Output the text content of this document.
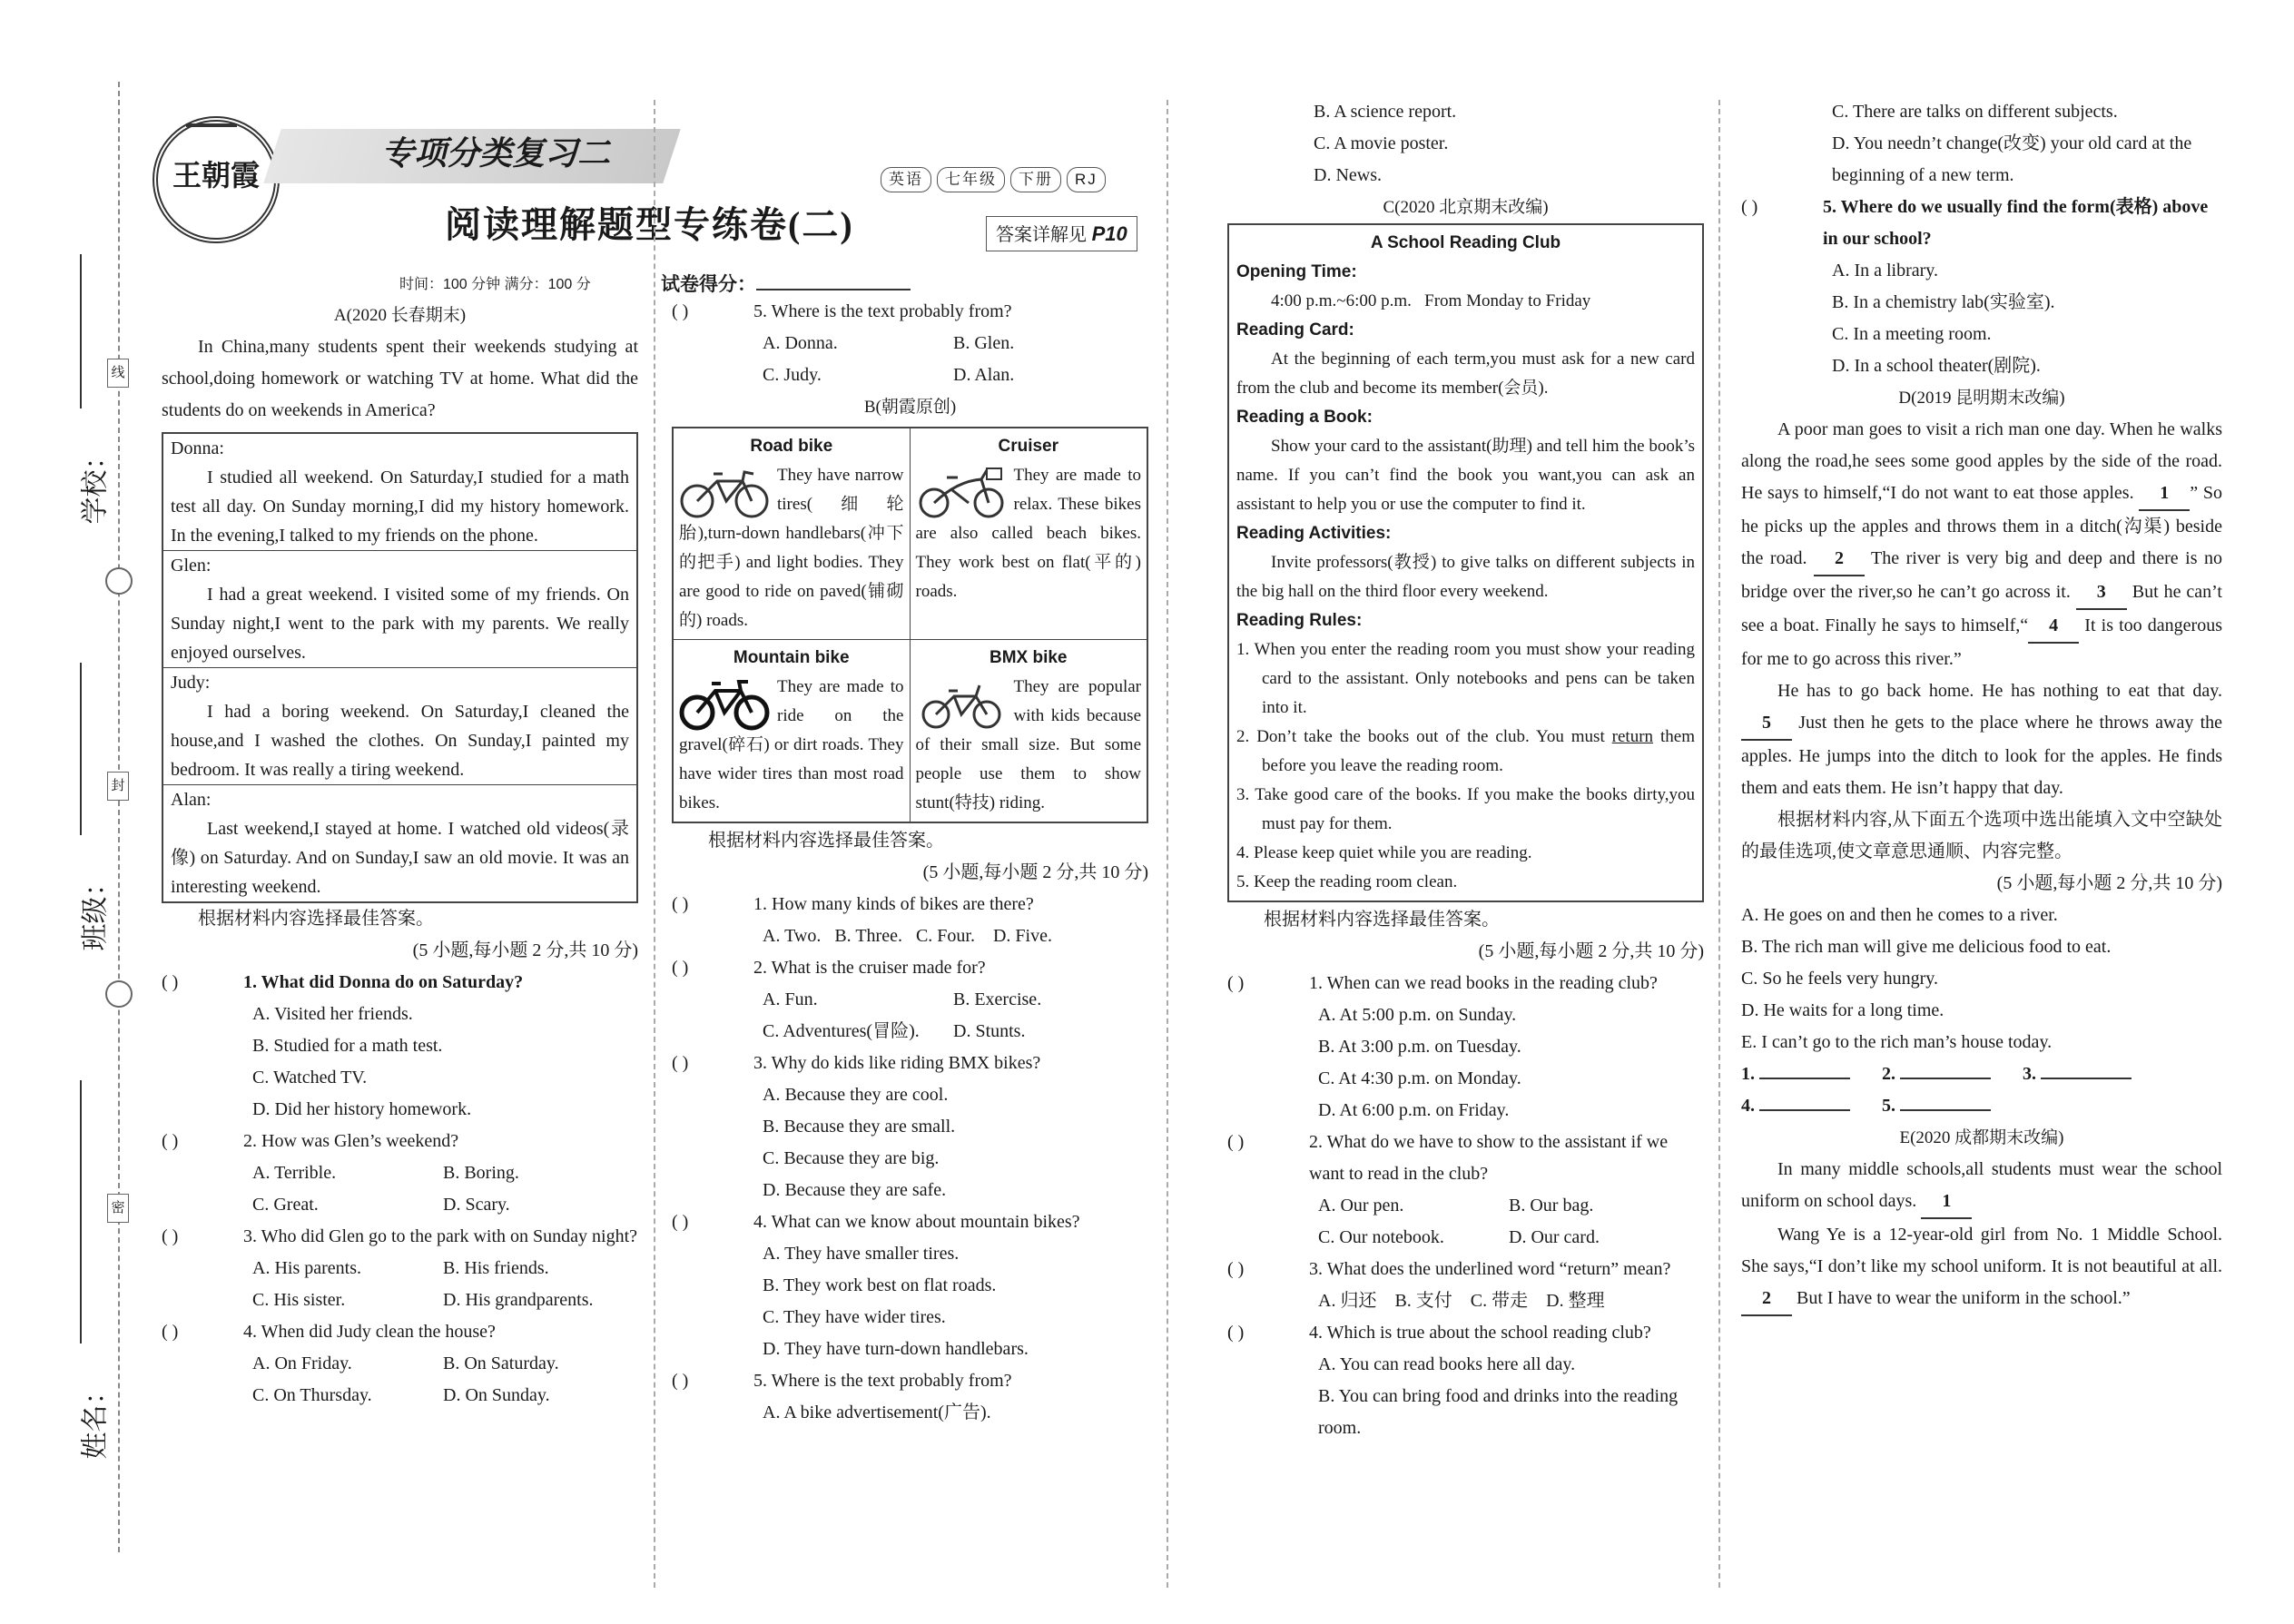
学校：
班级：
姓名：
线
封
密
王朝霞
专项分类复习二
阅读理解题型专练卷(二)
英语 七年级 下册 RJ
答案详解见 P10
时间：100 分钟 满分：100 分	试卷得分：
A(2020 长春期末)
In China,many students spent their weekends studying at school,doing homework or watching TV at home. What did the students do on weekends in America?
Donna:
I studied all weekend. On Saturday,I studied for a math test all day. On Sunday morning,I did my history homework. In the evening,I talked to my friends on the phone.
Glen:
I had a great weekend. I visited some of my friends. On Sunday night,I went to the park with my parents. We really enjoyed ourselves.
Judy:
I had a boring weekend. On Saturday,I cleaned the house,and I washed the clothes. On Sunday,I painted my bedroom. It was really a tiring weekend.
Alan:
Last weekend,I stayed at home. I watched old videos(录像) on Saturday. And on Sunday,I saw an old movie. It was an interesting weekend.
根据材料内容选择最佳答案。
(5 小题,每小题 2 分,共 10 分)
( )	1. What did Donna do on Saturday?
A. Visited her friends.
B. Studied for a math test.
C. Watched TV.
D. Did her history homework.
( )	2. How was Glen’s weekend?
A. Terrible.	B. Boring.
C. Great.	D. Scary.
( )	3. Who did Glen go to the park with on Sunday night?
A. His parents.	B. His friends.
C. His sister.	D. His grandparents.
( )	4. When did Judy clean the house?
A. On Friday.	B. On Saturday.
C. On Thursday.	D. On Sunday.
( )	5. Where is the text probably from?
A. Donna.	B. Glen.
C. Judy.	D. Alan.
B(朝霞原创)
Road bike
They have narrow tires(细轮胎),turn-down handlebars(冲下的把手) and light bodies. They are good to ride on paved(铺砌的) roads.
Cruiser
They are made to relax. These bikes are also called beach bikes. They work best on flat(平的) roads.
Mountain bike
They are made to ride on the gravel(碎石) or dirt roads. They have wider tires than most road bikes.
BMX bike
They are popular with kids because of their small size. But some people use them to show stunt(特技) riding.
根据材料内容选择最佳答案。
(5 小题,每小题 2 分,共 10 分)
( )	1. How many kinds of bikes are there?
A. Two.   B. Three.   C. Four.    D. Five.
( )	2. What is the cruiser made for?
A. Fun.	B. Exercise.
C. Adventures(冒险). D. Stunts.
( )	3. Why do kids like riding BMX bikes?
A. Because they are cool.
B. Because they are small.
C. Because they are big.
D. Because they are safe.
( )	4. What can we know about mountain bikes?
A. They have smaller tires.
B. They work best on flat roads.
C. They have wider tires.
D. They have turn-down handlebars.
( )	5. Where is the text probably from?
A. A bike advertisement(广告).
B. A science report.
C. A movie poster.
D. News.
C(2020 北京期末改编)
A School Reading Club
Opening Time:
4:00 p.m.~6:00 p.m.   From Monday to Friday
Reading Card:
At the beginning of each term,you must ask for a new card from the club and become its member(会员).
Reading a Book:
Show your card to the assistant(助理) and tell him the book’s name. If you can’t find the book you want,you can ask an assistant to help you or use the computer to find it.
Reading Activities:
Invite professors(教授) to give talks on different subjects in the big hall on the third floor every weekend.
Reading Rules:
1. When you enter the reading room you must show your reading card to the assistant. Only notebooks and pens can be taken into it.
2. Don’t take the books out of the club. You must return them before you leave the reading room.
3. Take good care of the books. If you make the books dirty,you must pay for them.
4. Please keep quiet while you are reading.
5. Keep the reading room clean.
根据材料内容选择最佳答案。
(5 小题,每小题 2 分,共 10 分)
( )	1. When can we read books in the reading club?
A. At 5:00 p.m. on Sunday.
B. At 3:00 p.m. on Tuesday.
C. At 4:30 p.m. on Monday.
D. At 6:00 p.m. on Friday.
( )	2. What do we have to show to the assistant if we want to read in the club?
A. Our pen.	B. Our bag.
C. Our notebook.	D. Our card.
( )	3. What does the underlined word “return” mean?
A. 归还    B. 支付    C. 带走    D. 整理
( )	4. Which is true about the school reading club?
A. You can read books here all day.
B. You can bring food and drinks into the reading room.
C. There are talks on different subjects.
D. You needn’t change(改变) your old card at the beginning of a new term.
( )	5. Where do we usually find the form(表格) above in our school?
A. In a library.
B. In a chemistry lab(实验室).
C. In a meeting room.
D. In a school theater(剧院).
D(2019 昆明期末改编)
A poor man goes to visit a rich man one day. When he walks along the road,he sees some good apples by the side of the road. He says to himself,“I do not want to eat those apples. 1 ” So he picks up the apples and throws them in a ditch(沟渠) beside the road. 2 The river is very big and deep and there is no bridge over the river,so he can’t go across it. 3 But he can’t see a boat. Finally he says to himself,“ 4 It is too dangerous for me to go across this river.”
He has to go back home. He has nothing to eat that day. 5 Just then he gets to the place where he throws away the apples. He jumps into the ditch to look for the apples. He finds them and eats them. He isn’t happy that day.
根据材料内容,从下面五个选项中选出能填入文中空缺处的最佳选项,使文章意思通顺、内容完整。
(5 小题,每小题 2 分,共 10 分)
A. He goes on and then he comes to a river.
B. The rich man will give me delicious food to eat.
C. So he feels very hungry.
D. He waits for a long time.
E. I can’t go to the rich man’s house today.
1.	2.	3.
4.	5.
E(2020 成都期末改编)
In many middle schools,all students must wear the school uniform on school days. 1
Wang Ye is a 12-year-old girl from No. 1 Middle School. She says,“I don’t like my school uniform. It is not beautiful at all. 2 But I have to wear the uniform in the school.”
